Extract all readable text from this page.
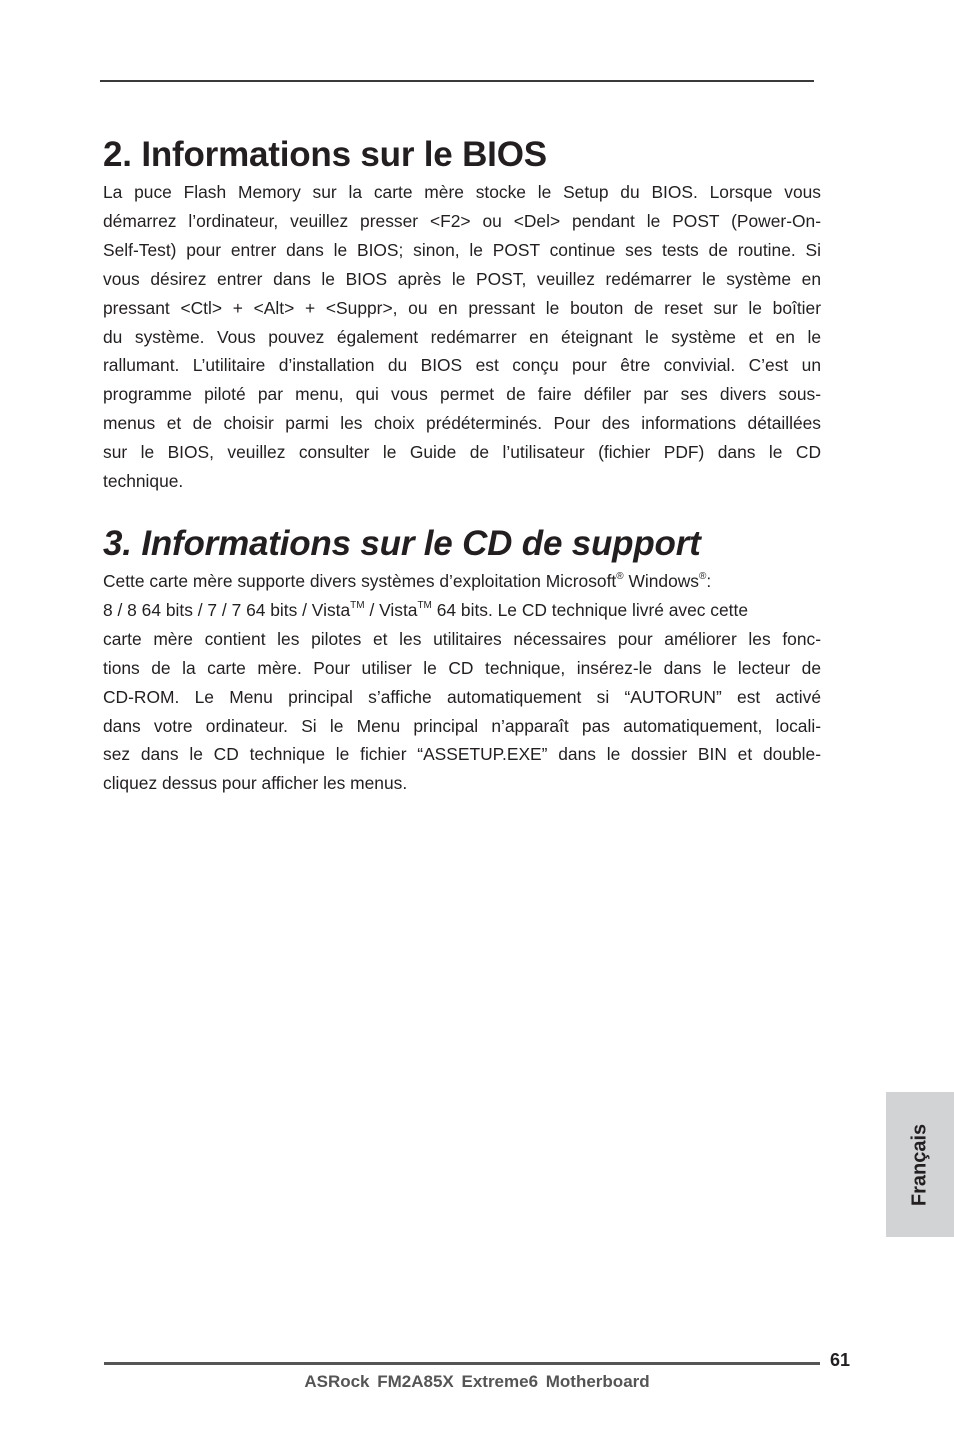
2. Informations sur le BIOS

La puce Flash Memory sur la carte mère stocke le Setup du BIOS. Lorsque vous
démarrez l’ordinateur, veuillez presser <F2> ou <Del> pendant le POST (Power-On-
Self-Test) pour entrer dans le BIOS; sinon, le POST continue ses tests de routine. Si
vous désirez entrer dans le BIOS après le POST, veuillez redémarrer le système en
pressant <Ctl> + <Alt> + <Suppr>, ou en pressant le bouton de reset sur le boîtier
du système. Vous pouvez également redémarrer en éteignant le système et en le
rallumant. L’utilitaire d’installation du BIOS est conçu pour être convivial. C’est un
programme piloté par menu, qui vous permet de faire défiler par ses divers sous-
menus et de choisir parmi les choix prédéterminés. Pour des informations détaillées
sur le BIOS, veuillez consulter le Guide de l’utilisateur (fichier PDF) dans le CD
technique.

3. Informations sur le CD de support

Cette carte mère supporte divers systèmes d’exploitation Microsoft® Windows®:
8 / 8 64 bits / 7 / 7 64 bits / Vista™ / Vista™ 64 bits. Le CD technique livré avec cette
carte mère contient les pilotes et les utilitaires nécessaires pour améliorer les fonc-
tions de la carte mère. Pour utiliser le CD technique, insérez-le dans le lecteur de
CD-ROM. Le Menu principal s’affiche automatiquement si “AUTORUN” est activé
dans votre ordinateur. Si le Menu principal n’apparaît pas automatiquement, locali-
sez dans le CD technique le fichier “ASSETUP.EXE” dans le dossier BIN et double-
cliquez dessus pour afficher les menus.

Français
61
ASRock FM2A85X Extreme6 Motherboard
